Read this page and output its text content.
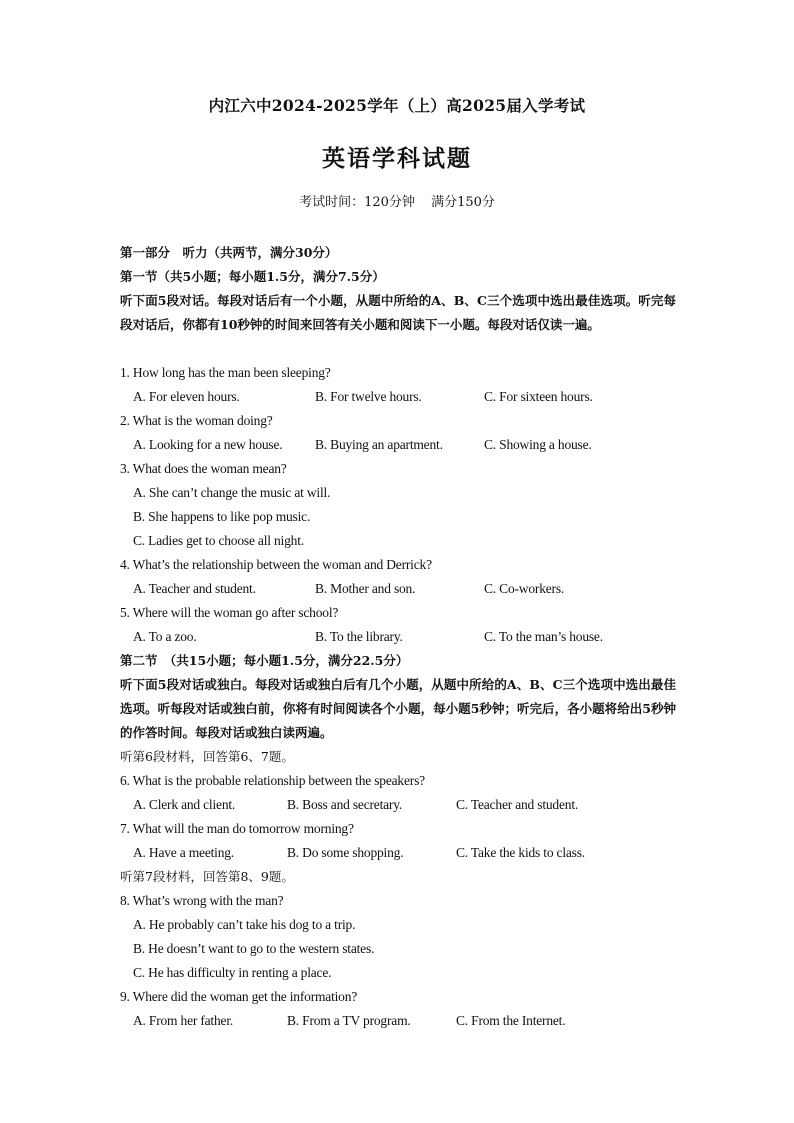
内江六中2024-2025学年（上）高2025届入学考试
英语学科试题
考试时间：120分钟 满分150分
第一部分　听力（共两节，满分30分）
第一节（共5小题；每小题1.5分，满分7.5分）
听下面5段对话。每段对话后有一个小题，从题中所给的A、B、C三个选项中选出最佳选项。听完每段对话后，你都有10秒钟的时间来回答有关小题和阅读下一小题。每段对话仅读一遍。
1. How long has the man been sleeping?
A. For eleven hours.	B. For twelve hours.	C. For sixteen hours.
2. What is the woman doing?
A. Looking for a new house. B. Buying an apartment.	C. Showing a house.
3. What does the woman mean?
A. She can’t change the music at will.
B. She happens to like pop music.
C. Ladies get to choose all night.
4. What’s the relationship between the woman and Derrick?
A. Teacher and student.	B. Mother and son.	C. Co-workers.
5. Where will the woman go after school?
A. To a zoo.	B. To the library.	C. To the man’s house.
第二节　（共15小题；每小题1.5分，满分22.5分）
听下面5段对话或独白。每段对话或独白后有几个小题，从题中所给的A、B、C三个选项中选出最佳选项。听每段对话或独白前，你将有时间阅读各个小题，每小题5秒钟；听完后，各小题将给出5秒钟的作答时间。每段对话或独白读两遍。
听第6段材料，回答第6、7题。
6. What is the probable relationship between the speakers?
A. Clerk and client.	B. Boss and secretary.	C. Teacher and student.
7. What will the man do tomorrow morning?
A. Have a meeting.	B. Do some shopping.	C. Take the kids to class.
听第7段材料，回答第8、9题。
8. What’s wrong with the man?
A. He probably can’t take his dog to a trip.
B. He doesn’t want to go to the western states.
C. He has difficulty in renting a place.
9. Where did the woman get the information?
A. From her father.	B. From a TV program.	C. From the Internet.
